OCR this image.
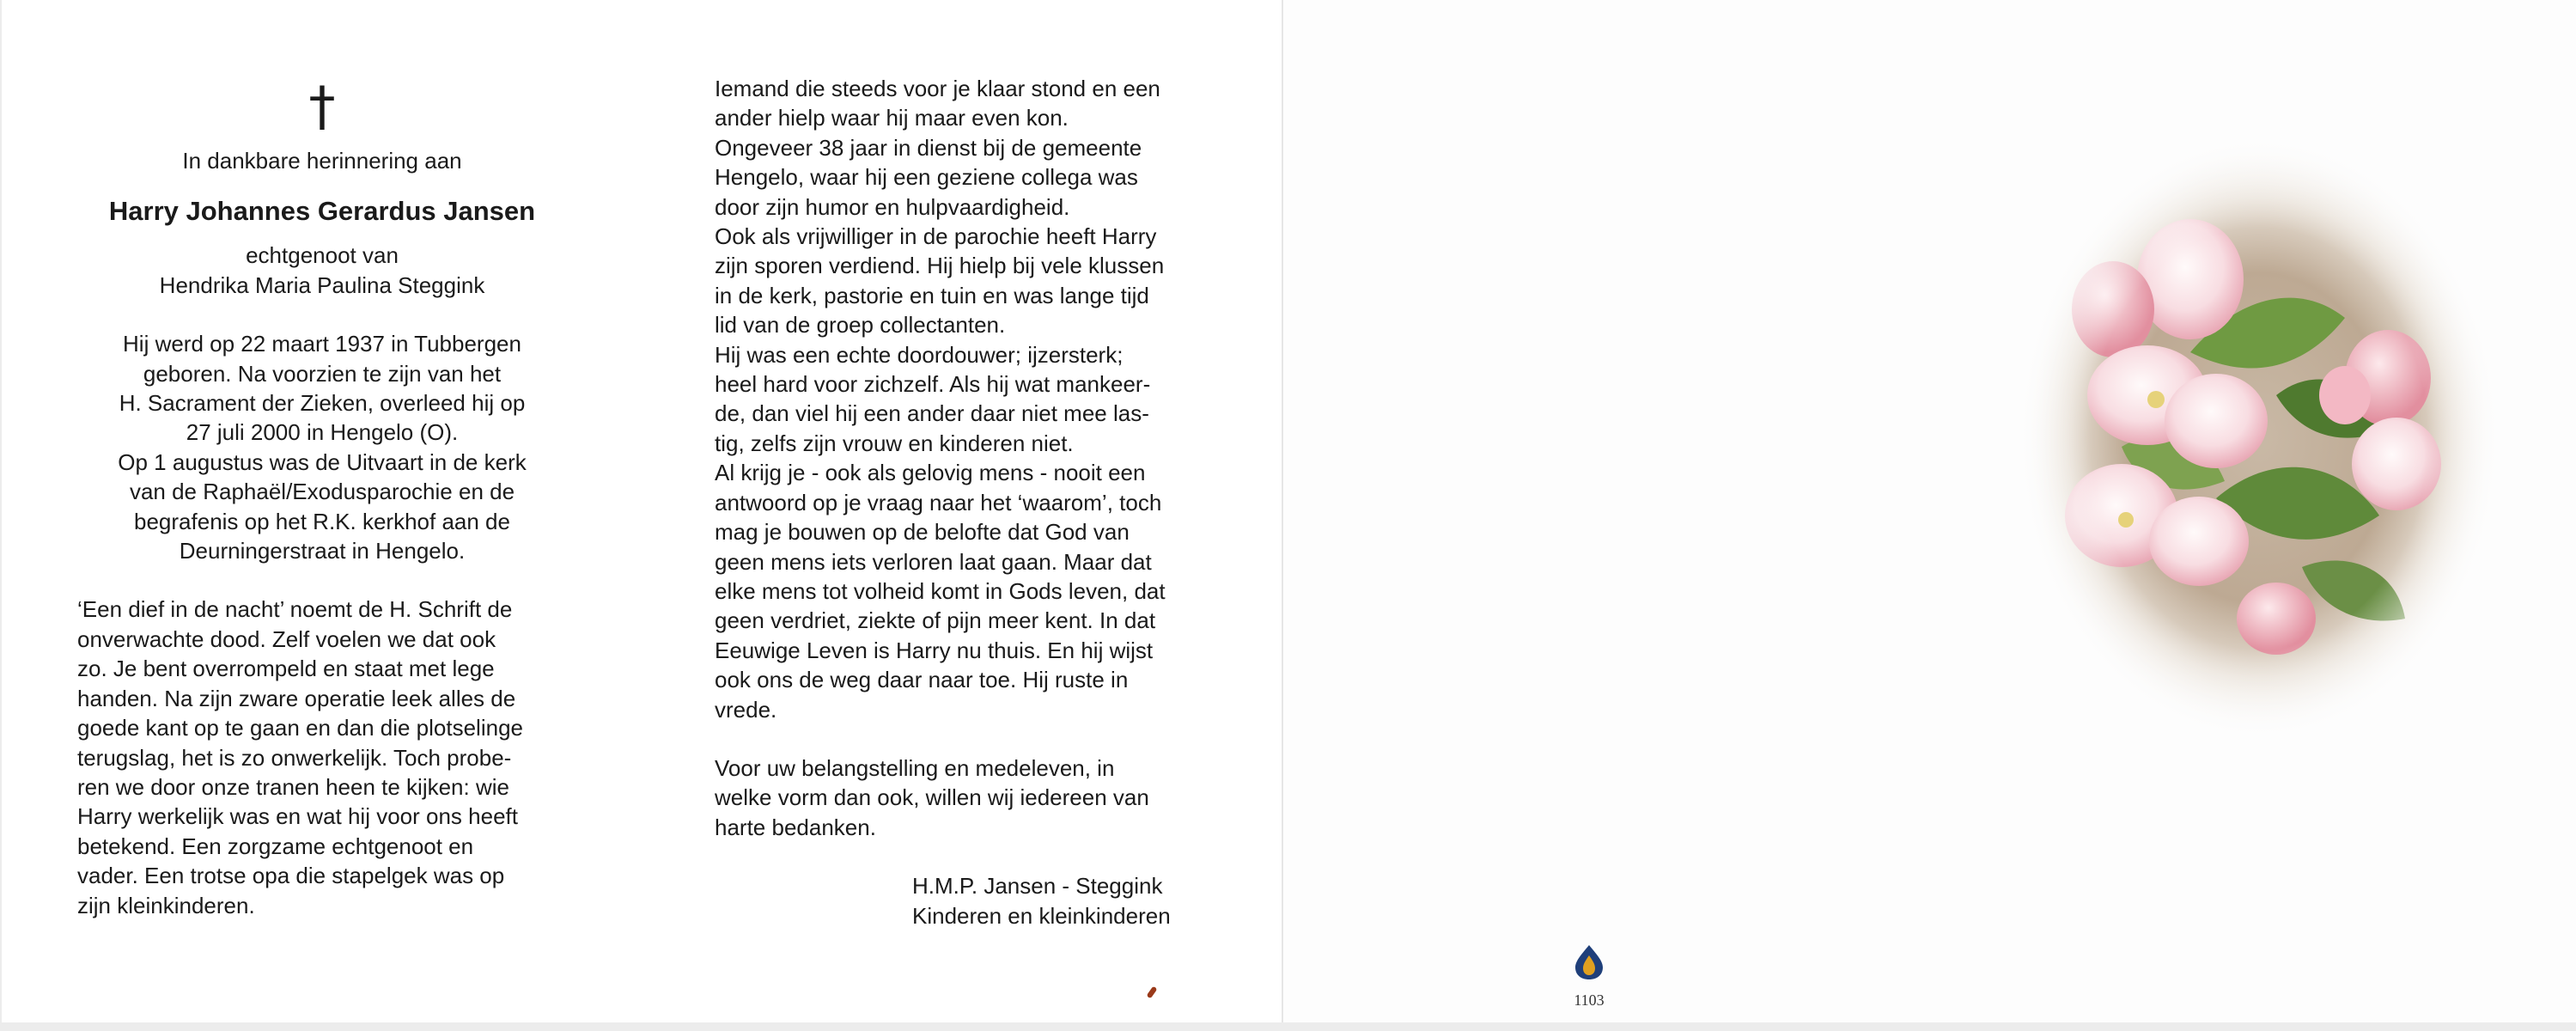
†
In dankbare herinnering aan
Harry Johannes Gerardus Jansen
echtgenoot van
Hendrika Maria Paulina Steggink
Hij werd op 22 maart 1937 in Tubbergen
geboren. Na voorzien te zijn van het
H. Sacrament der Zieken, overleed hij op
27 juli 2000 in Hengelo (O).
Op 1 augustus was de Uitvaart in de kerk
van de Raphaël/Exodusparochie en de
begrafenis op het R.K. kerkhof aan de
Deurningerstraat in Hengelo.
‘Een dief in de nacht’ noemt de H. Schrift de
onverwachte dood. Zelf voelen we dat ook
zo. Je bent overrompeld en staat met lege
handen. Na zijn zware operatie leek alles de
goede kant op te gaan en dan die plotselinge
terugslag, het is zo onwerkelijk. Toch probe-
ren we door onze tranen heen te kijken: wie
Harry werkelijk was en wat hij voor ons heeft
betekend. Een zorgzame echtgenoot en
vader. Een trotse opa die stapelgek was op
zijn kleinkinderen.
Iemand die steeds voor je klaar stond en een
ander hielp waar hij maar even kon.
Ongeveer 38 jaar in dienst bij de gemeente
Hengelo, waar hij een geziene collega was
door zijn humor en hulpvaardigheid.
Ook als vrijwilliger in de parochie heeft Harry
zijn sporen verdiend. Hij hielp bij vele klussen
in de kerk, pastorie en tuin en was lange tijd
lid van de groep collectanten.
Hij was een echte doordouwer; ijzersterk;
heel hard voor zichzelf. Als hij wat mankeer-
de, dan viel hij een ander daar niet mee las-
tig, zelfs zijn vrouw en kinderen niet.
Al krijg je - ook als gelovig mens - nooit een
antwoord op je vraag naar het ‘waarom’, toch
mag je bouwen op de belofte dat God van
geen mens iets verloren laat gaan. Maar dat
elke mens tot volheid komt in Gods leven, dat
geen verdriet, ziekte of pijn meer kent. In dat
Eeuwige Leven is Harry nu thuis. En hij wijst
ook ons de weg daar naar toe. Hij ruste in
vrede.
Voor uw belangstelling en medeleven, in
welke vorm dan ook, willen wij iedereen van
harte bedanken.
H.M.P. Jansen - Steggink
Kinderen en kleinkinderen
1103
